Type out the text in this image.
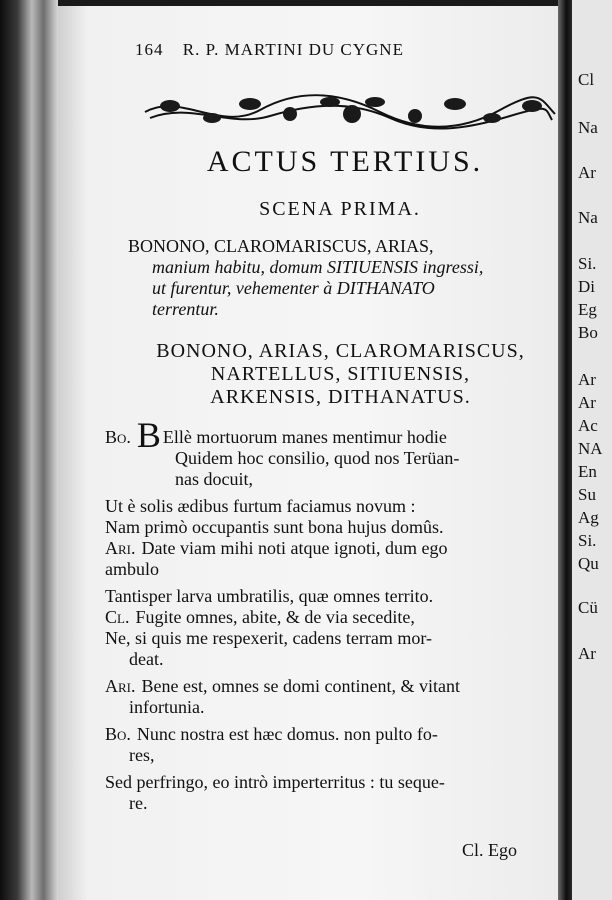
Cl
Na
Ar
Na
Si.
Di
Eg
Bo
Ar
Ar
Ac
NA
En
Su
Ag
Si.
Qu
Cü
Ar
164 R. P. MARTINI DU CYGNE
ACTUS TERTIUS.
SCENA PRIMA.
BONONO, CLAROMARISCUS, ARIAS,
manium habitu, domum SITIUENSIS ingressi,
ut furentur, vehementer à DITHANATO
terrentur.
BONONO, ARIAS, CLAROMARISCUS,
NARTELLUS, SITIUENSIS,
ARKENSIS, DITHANATUS.
Bo. B Ellè mortuorum manes mentimur hodie
Quidem hoc consilio, quod nos Terüan-
nas docuit,
Ut è solis ædibus furtum faciamus novum :
Nam primò occupantis sunt bona hujus domûs.
Ari. Date viam mihi noti atque ignoti, dum ego
ambulo
Tantisper larva umbratilis, quæ omnes territo.
Cl. Fugite omnes, abite, & de via secedite,
Ne, si quis me respexerit, cadens terram mor-
deat.
Ari. Bene est, omnes se domi continent, & vitant
infortunia.
Bo. Nunc nostra est hæc domus. non pulto fo-
res,
Sed perfringo, eo intrò imperterritus : tu seque-
re.
Cl. Ego
